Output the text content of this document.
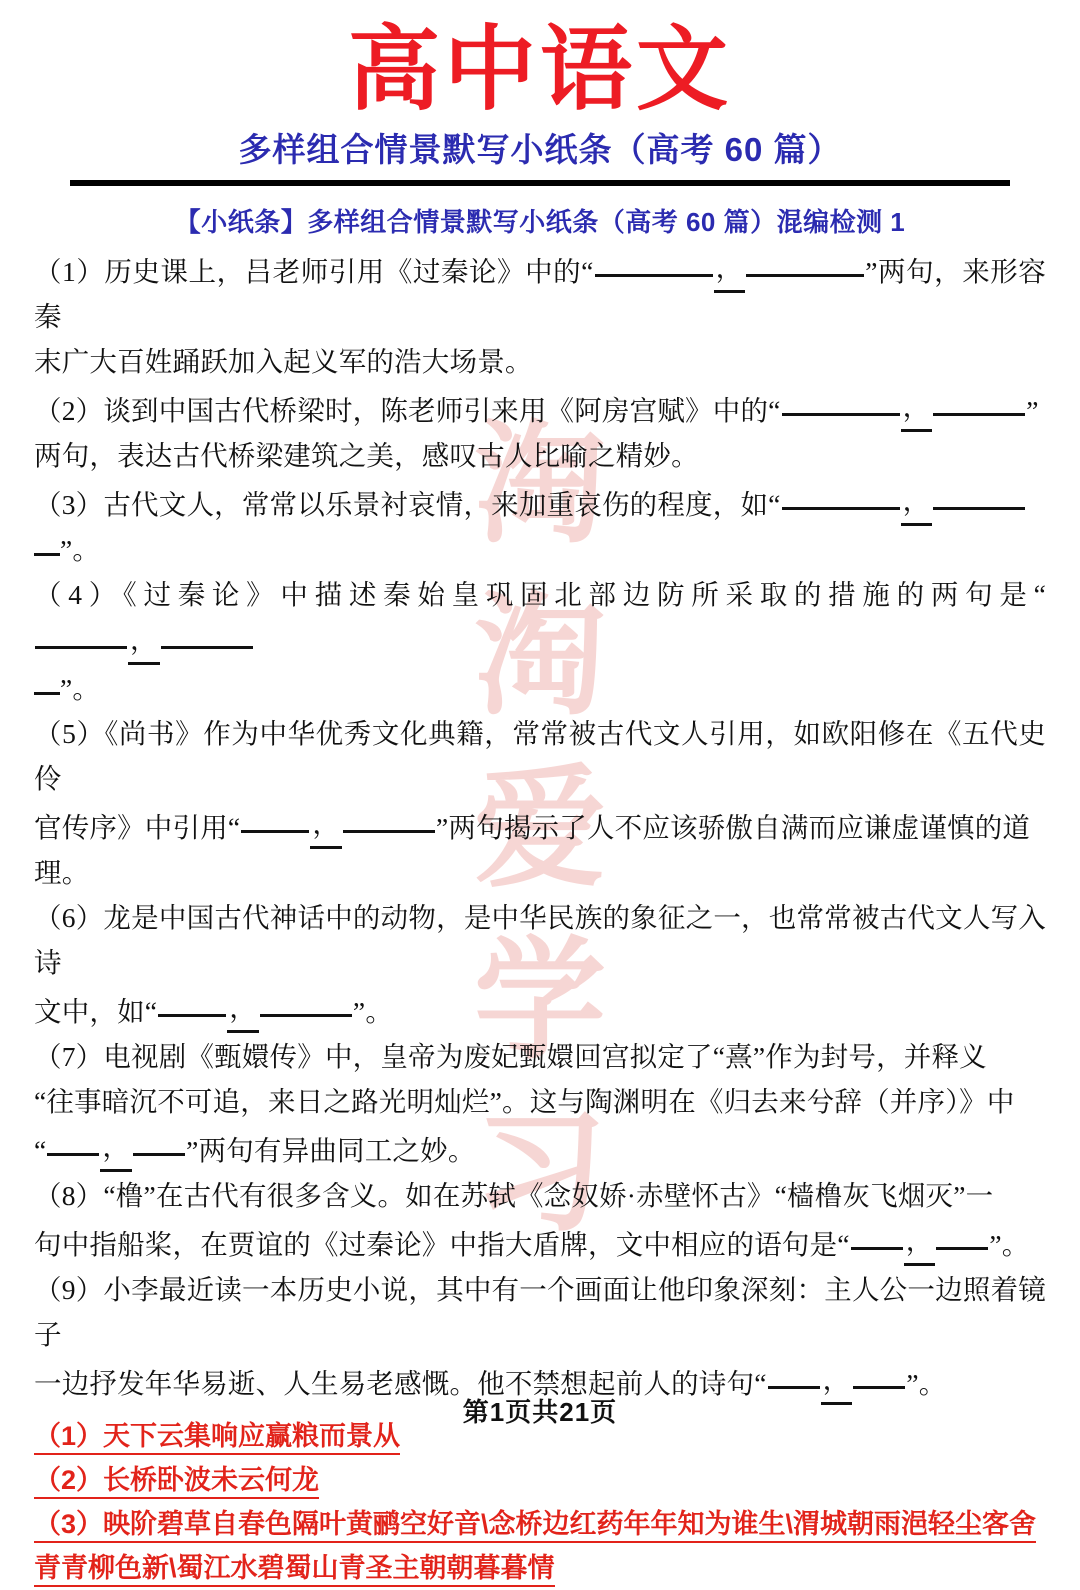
淘
淘
爱
学
习
高中语文
多样组合情景默写小纸条（高考 60 篇）
【小纸条】多样组合情景默写小纸条（高考 60 篇）混编检测 1

（1）历史课上，吕老师引用《过秦论》中的“	，	”两句，来形容秦
末广大百姓踊跃加入起义军的浩大场景。

（2）谈到中国古代桥梁时，陈老师引来用《阿房宫赋》中的“	，	”
两句，表达古代桥梁建筑之美，感叹古人比喻之精妙。

（3）古代文人，常常以乐景衬哀情，来加重哀伤的程度，如“	，
”。

（4）《过秦论》中描述秦始皇巩固北部边防所采取的措施的两句是“，
”。

（5）《尚书》作为中华优秀文化典籍，常常被古代文人引用，如欧阳修在《五代史伶
官传序》中引用“	，	”两句揭示了人不应该骄傲自满而应谦虚谨慎的道
理。

（6）龙是中国古代神话中的动物，是中华民族的象征之一，也常常被古代文人写入诗
文中，如“	，	”。

（7）电视剧《甄嬛传》中，皇帝为废妃甄嬛回宫拟定了“熹”作为封号，并释义
“往事暗沉不可追，来日之路光明灿烂”。这与陶渊明在《归去来兮辞（并序）》中
“ ， ”两句有异曲同工之妙。

（8）“橹”在古代有很多含义。如在苏轼《念奴娇·赤壁怀古》“樯橹灰飞烟灭”一
句中指船桨，在贾谊的《过秦论》中指大盾牌，文中相应的语句是“ ， ”。

（9）小李最近读一本历史小说，其中有一个画面让他印象深刻：主人公一边照着镜子
一边抒发年华易逝、人生易老感慨。他不禁想起前人的诗句“ ， ”。

（1）天下云集响应赢粮而景从

（2）长桥卧波未云何龙

（3）映阶碧草自春色隔叶黄鹂空好音\念桥边红药年年知为谁生\渭城朝雨浥轻尘客舍青青柳色新\蜀江水碧蜀山青圣主朝朝暮暮情

第1页共21页
